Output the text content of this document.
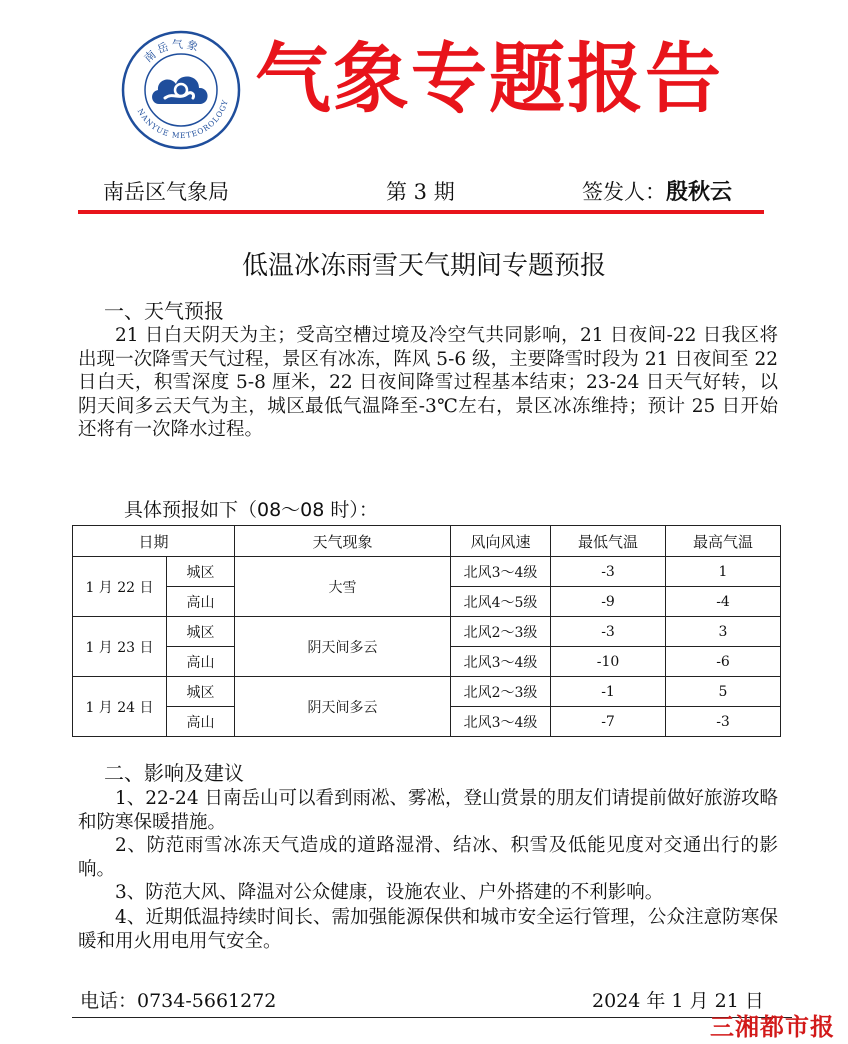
南岳气象
NANYUE METEOROLOGY 气象专题报告
南岳区气象局	第 3 期	签发人：殷秋云
低温冰冻雨雪天气期间专题预报
一、天气预报

21 日白天阴天为主；受高空槽过境及冷空气共同影响，21 日夜间-22 日我区将出现一次降雪天气过程，景区有冰冻，阵风 5-6 级，主要降雪时段为 21 日夜间至 22 日白天，积雪深度 5-8 厘米，22 日夜间降雪过程基本结束；23-24 日天气好转，以阴天间多云天气为主，城区最低气温降至-3℃左右，景区冰冻维持；预计 25 日开始还将有一次降水过程。

具体预报如下（08～08 时）：
日期		天气现象	风向风速	最低气温	最高气温
1 月 22 日	城区	大雪	北风3～4级	-3	1
	高山		北风4～5级	-9	-4
1 月 23 日	城区	阴天间多云	北风2～3级	-3	3
	高山		北风3～4级	-10	-6
1 月 24 日	城区	阴天间多云	北风2～3级	-1	5
	高山		北风3～4级	-7	-3
二、影响及建议

1、22-24 日南岳山可以看到雨凇、雾凇，登山赏景的朋友们请提前做好旅游攻略和防寒保暖措施。

2、防范雨雪冰冻天气造成的道路湿滑、结冰、积雪及低能见度对交通出行的影响。

3、防范大风、降温对公众健康，设施农业、户外搭建的不利影响。

4、近期低温持续时间长、需加强能源保供和城市安全运行管理，公众注意防寒保暖和用火用电用气安全。

电话：0734-5661272	2024 年 1 月 21 日
三湘都市报
